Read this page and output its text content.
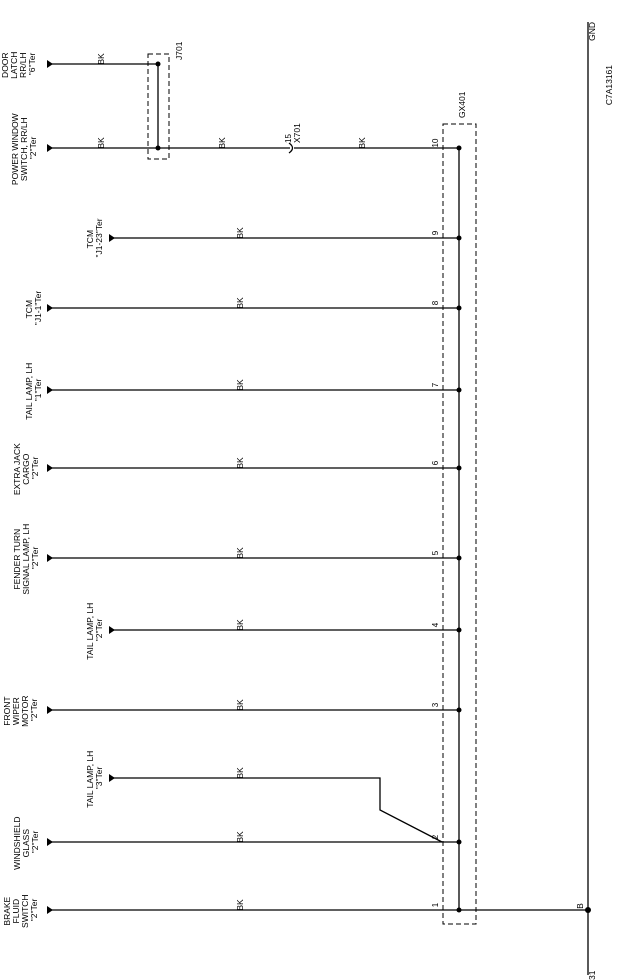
GND
C7A13161
31
B
GX401
J701
BK
DOOR LATCH RR/LH "6"Ter
BK	BK	BK
15 X701	10
POWER WINDOW SWITCH, RR/LH "2"Ter
BK	9
TCM "J1-23"Ter
BK	8
TCM "J1-1"Ter
BK	7
TAIL LAMP, LH "1"Ter
BK	6
EXTRA JACK CARGO "2"Ter
BK	5
FENDER TURN SIGNAL LAMP, LH "2"Ter
BK	4
TAIL LAMP, LH "2"Ter
BK	3
FRONT WIPER MOTOR "2"Ter
BK
TAIL LAMP, LH "3"Ter
BK	2
WINDSHIELD GLASS "2"Ter
BK	1
BRAKE FLUID SWITCH "2"Ter
